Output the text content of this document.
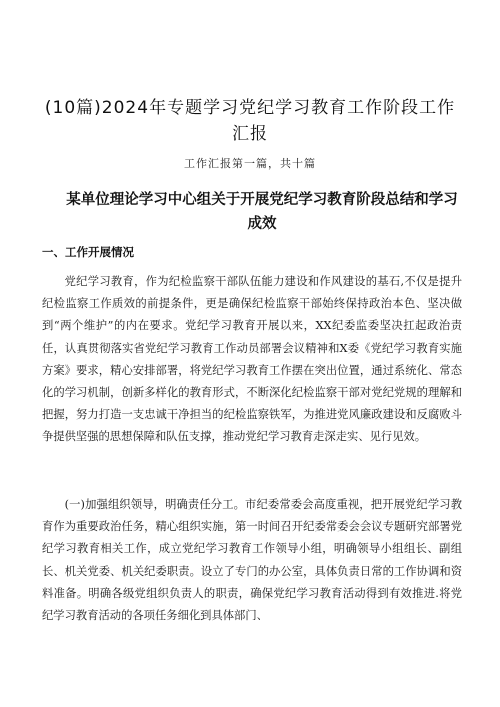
(10篇)2024年专题学习党纪学习教育工作阶段工作汇报
工作汇报第一篇，共十篇
某单位理论学习中心组关于开展党纪学习教育阶段总结和学习成效
一、工作开展情况

党纪学习教育，作为纪检监察干部队伍能力建设和作风建设的基石,不仅是提升纪检监察工作质效的前提条件，更是确保纪检监察干部始终保持政治本色、坚决做到“两个维护”的内在要求。党纪学习教育开展以来，XX纪委监委坚决扛起政治责任，认真贯彻落实省党纪学习教育工作动员部署会议精神和X委《党纪学习教育实施方案》要求，精心安排部署，将党纪学习教育工作摆在突出位置，通过系统化、常态化的学习机制，创新多样化的教育形式，不断深化纪检监察干部对党纪党规的理解和把握，努力打造一支忠诚干净担当的纪检监察铁军，为推进党风廉政建设和反腐败斗争提供坚强的思想保障和队伍支撑，推动党纪学习教育走深走实、见行见效。

(一)加强组织领导，明确责任分工。市纪委常委会高度重视，把开展党纪学习教育作为重要政治任务，精心组织实施，第一时间召开纪委常委会会议专题研究部署党纪学习教育相关工作，成立党纪学习教育工作领导小组，明确领导小组组长、副组长、机关党委、机关纪委职责。设立了专门的办公室，具体负责日常的工作协调和资料准备。明确各级党组织负责人的职责，确保党纪学习教育活动得到有效推进.将党纪学习教育活动的各项任务细化到具体部门、
